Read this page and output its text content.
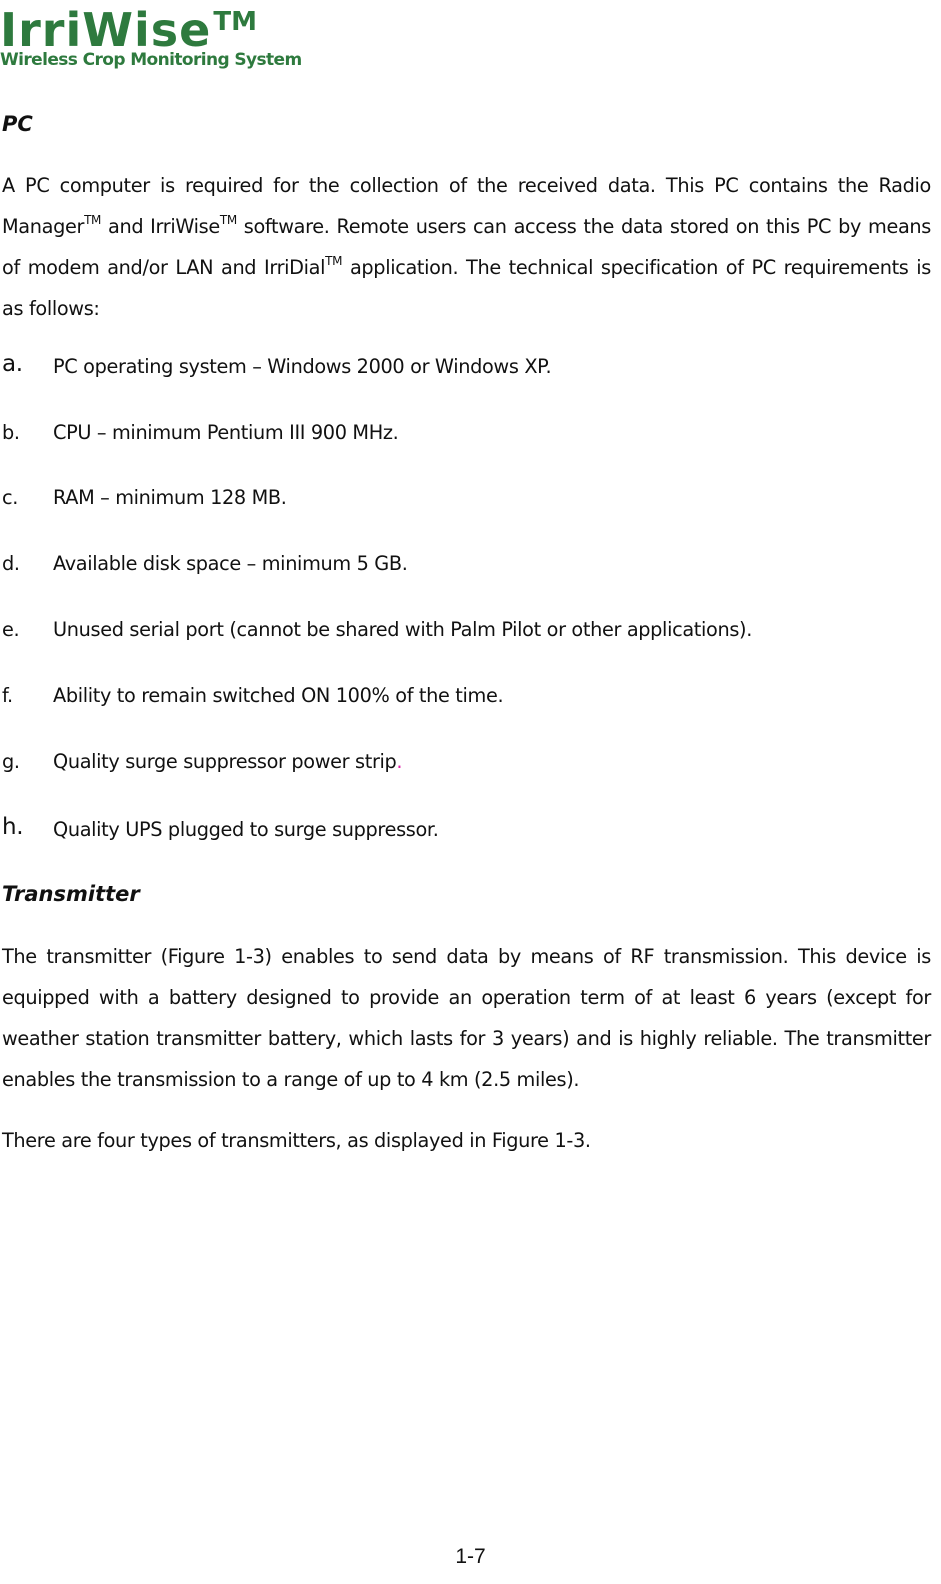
IrriWise™
Wireless Crop Monitoring System
PC

A PC computer is required for the collection of the received data. This PC contains the Radio Manager™ and IrriWise™ software. Remote users can access the data stored on this PC by means of modem and/or LAN and IrriDial™ application. The technical specification of PC requirements is as follows:

a. PC operating system – Windows 2000 or Windows XP.
b. CPU – minimum Pentium III 900 MHz.
c. RAM – minimum 128 MB.
d. Available disk space – minimum 5 GB.
e. Unused serial port (cannot be shared with Palm Pilot or other applications).
f. Ability to remain switched ON 100% of the time.
g. Quality surge suppressor power strip.
h. Quality UPS plugged to surge suppressor.
Transmitter

The transmitter (Figure 1-3) enables to send data by means of RF transmission. This device is equipped with a battery designed to provide an operation term of at least 6 years (except for weather station transmitter battery, which lasts for 3 years) and is highly reliable. The transmitter enables the transmission to a range of up to 4 km (2.5 miles).

There are four types of transmitters, as displayed in Figure 1-3.

1-7
